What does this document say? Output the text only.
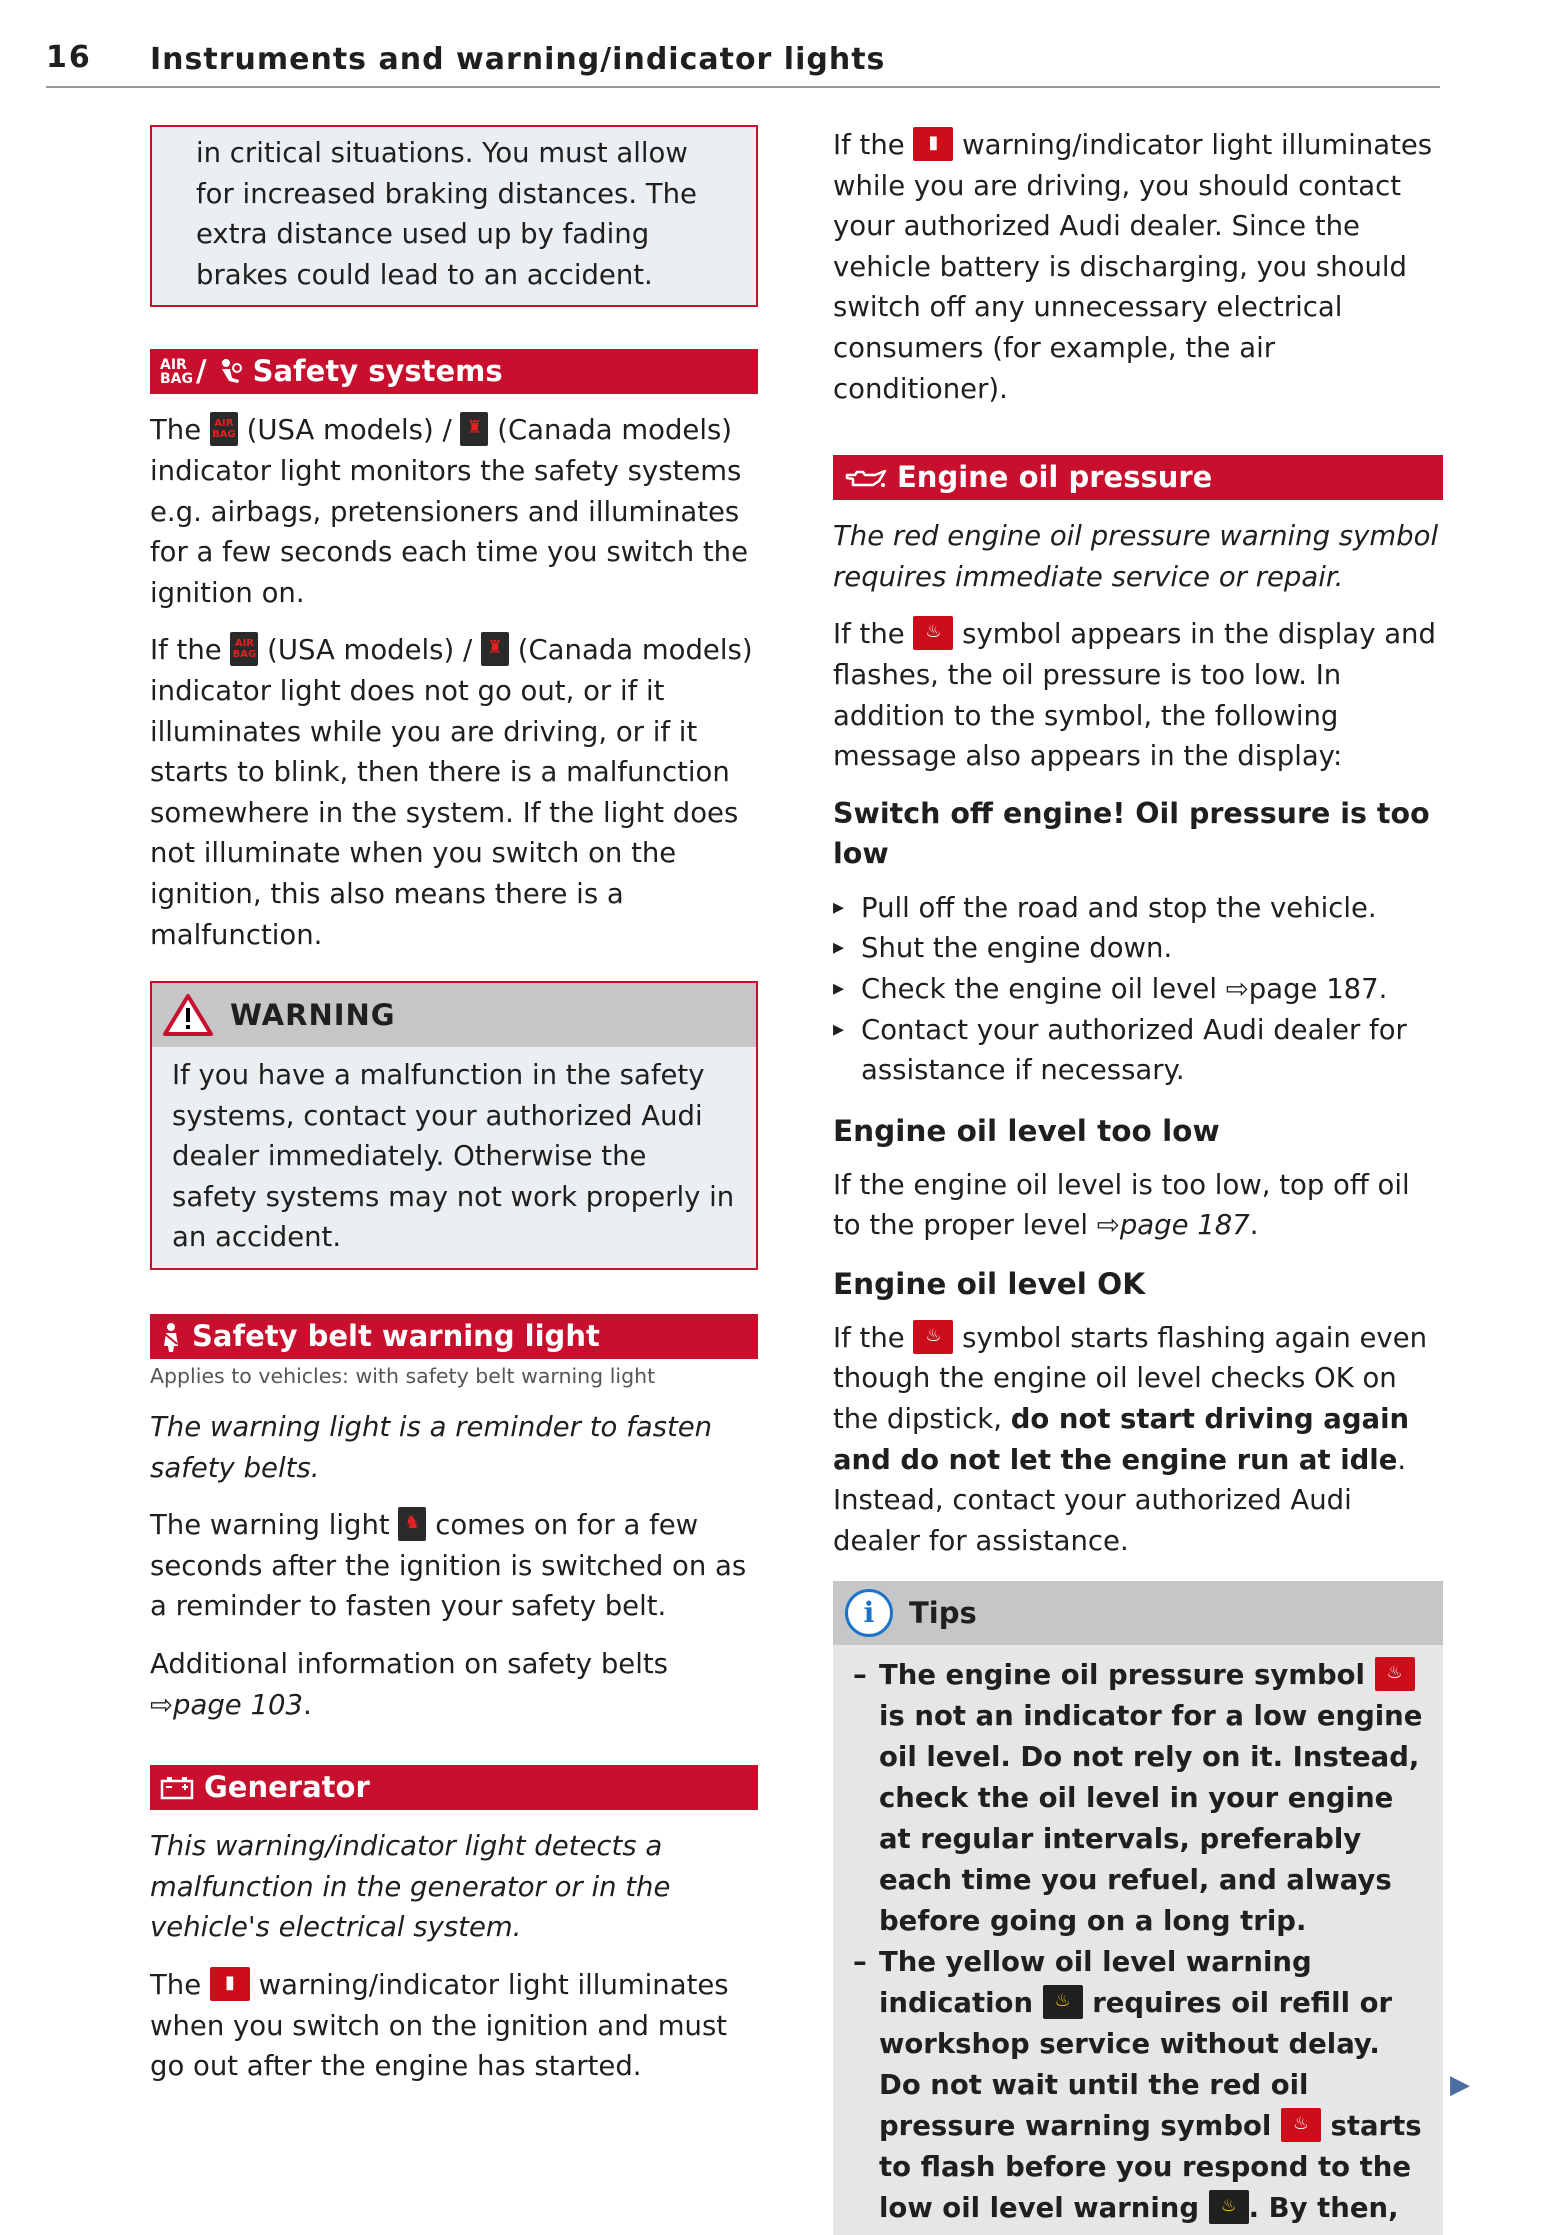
16 Instruments and warning/indicator lights

in critical situations. You must allow for increased braking distances. The extra distance used up by fading brakes could lead to an accident.

AIR
BAG / Safety systems

The	AIR
BAG (USA models) / ♜ (Canada models) indicator light monitors the safety systems e.g. airbags, pretensioners and illuminates for a few seconds each time you switch the ignition on.

If the	AIR
BAG (USA models) / ♜ (Canada models) indicator light does not go out, or if it illuminates while you are driving, or if it starts to blink, then there is a malfunction somewhere in the system. If the light does not illuminate when you switch on the ignition, this also means there is a malfunction.

WARNING

If you have a malfunction in the safety systems, contact your authorized Audi dealer immediately. Otherwise the safety systems may not work properly in an accident.

Safety belt warning light
Applies to vehicles: with safety belt warning light

The warning light is a reminder to fasten safety belts.

The warning light ♞ comes on for a few seconds after the ignition is switched on as a reminder to fasten your safety belt.

Additional information on safety belts
⇨page 103.

Generator

This warning/indicator light detects a malfunction in the generator or in the vehicle's electrical system.

The	▮ warning/indicator light illuminates when you switch on the ignition and must go out after the engine has started.

If the	▮ warning/indicator light illuminates while you are driving, you should contact your authorized Audi dealer. Since the vehicle battery is discharging, you should switch off any unnecessary electrical consumers (for example, the air conditioner).

Engine oil pressure

The red engine oil pressure warning symbol requires immediate service or repair.

If the	♨ symbol appears in the display and flashes, the oil pressure is too low. In addition to the symbol, the following message also appears in the display:

Switch off engine! Oil pressure is too low
▸ Pull off the road and stop the vehicle.
▸ Shut the engine down.
▸ Check the engine oil level ⇨page 187.
▸ Contact your authorized Audi dealer for assistance if necessary.
Engine oil level too low

If the engine oil level is too low, top off oil to the proper level ⇨page 187.

Engine oil level OK

If the	♨ symbol starts flashing again even though the engine oil level checks OK on the dipstick, do not start driving again and do not let the engine run at idle. Instead, contact your authorized Audi dealer for assistance.

i	Tips
– The engine oil pressure symbol	♨
is not an indicator for a low engine oil level. Do not rely on it. Instead, check the oil level in your engine at regular intervals, preferably each time you refuel, and always before going on a long trip.
– The yellow oil level warning indication	♨ requires oil refill or workshop service without delay. Do not wait until the red oil pressure warning symbol	♨ starts to flash before you respond to the low oil level warning	♨ . By then,
▶
